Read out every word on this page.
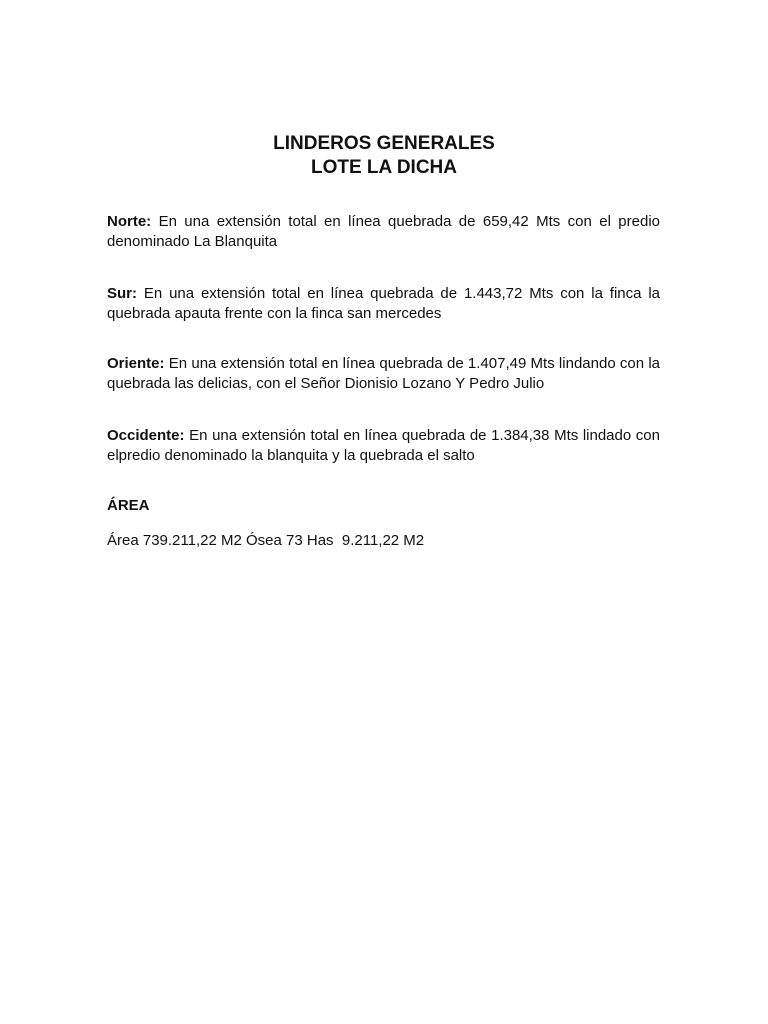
LINDEROS GENERALES
LOTE LA DICHA
Norte: En una extensión total en línea quebrada de 659,42 Mts con el predio denominado La Blanquita
Sur: En una extensión total en línea quebrada de 1.443,72 Mts con la finca la quebrada apauta frente con la finca san mercedes
Oriente: En una extensión total en línea quebrada de 1.407,49 Mts lindando con la quebrada las delicias, con el Señor Dionisio Lozano Y Pedro Julio
Occidente: En una extensión total en línea quebrada de 1.384,38 Mts lindado con elpredio denominado la blanquita y la quebrada el salto
ÁREA
Área 739.211,22 M2 Ósea 73 Has  9.211,22 M2
